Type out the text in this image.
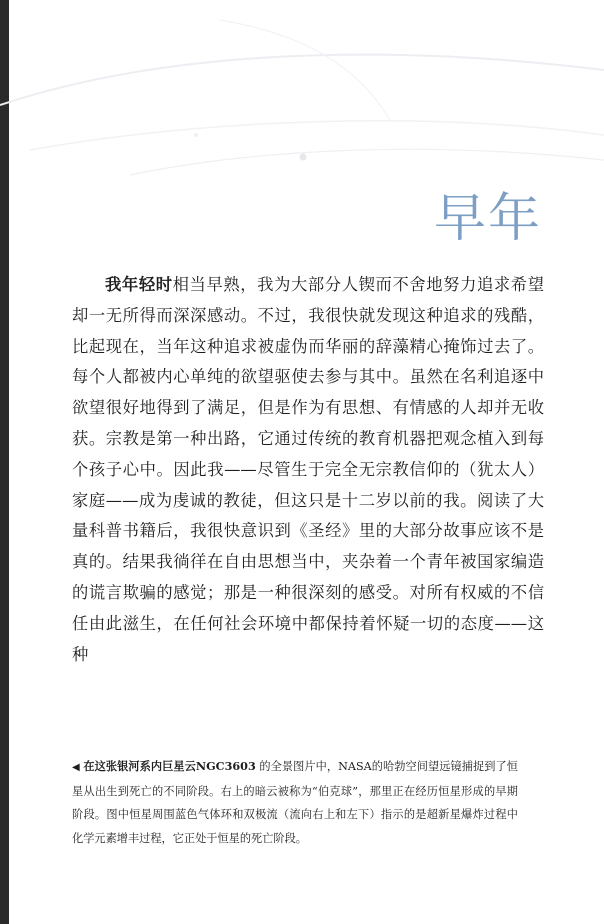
早年

我年轻时相当早熟，我为大部分人锲而不舍地努力追求希望却一无所得而深深感动。不过，我很快就发现这种追求的残酷，比起现在，当年这种追求被虚伪而华丽的辞藻精心掩饰过去了。每个人都被内心单纯的欲望驱使去参与其中。虽然在名利追逐中欲望很好地得到了满足，但是作为有思想、有情感的人却并无收获。宗教是第一种出路，它通过传统的教育机器把观念植入到每个孩子心中。因此我——尽管生于完全无宗教信仰的（犹太人）家庭——成为虔诚的教徒，但这只是十二岁以前的我。阅读了大量科普书籍后，我很快意识到《圣经》里的大部分故事应该不是真的。结果我徜徉在自由思想当中，夹杂着一个青年被国家编造的谎言欺骗的感觉；那是一种很深刻的感受。对所有权威的不信任由此滋生，在任何社会环境中都保持着怀疑一切的态度——这种

◀ 在这张银河系内巨星云NGC3603 的全景图片中，NASA的哈勃空间望远镜捕捉到了恒星从出生到死亡的不同阶段。右上的暗云被称为“伯克球”，那里正在经历恒星形成的早期阶段。图中恒星周围蓝色气体环和双极流（流向右上和左下）指示的是超新星爆炸过程中化学元素增丰过程，它正处于恒星的死亡阶段。
